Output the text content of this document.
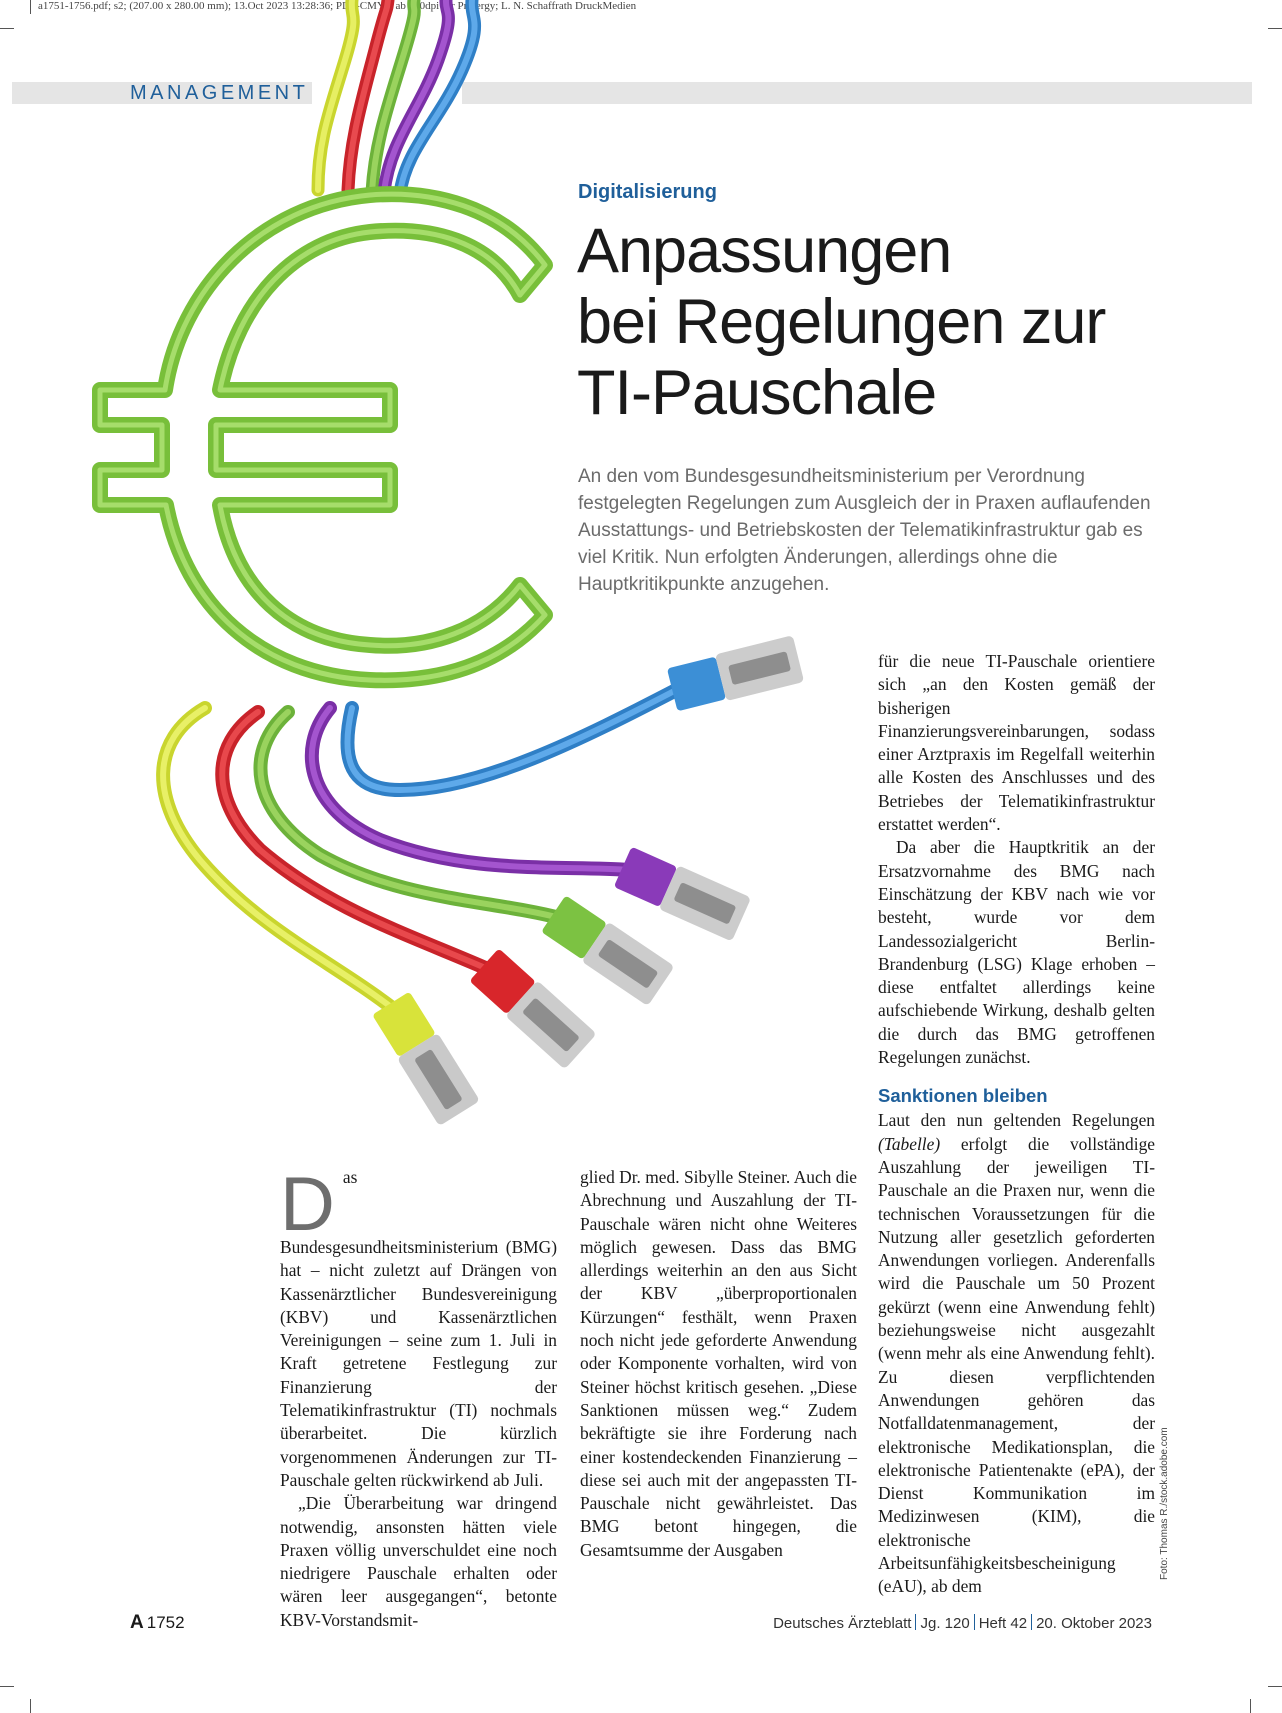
a1751-1756.pdf; s2; (207.00 x 280.00 mm); 13.Oct 2023 13:28:36; PDF-CMYK ab 150dpi für Prinergy; L. N. Schaffrath DruckMedien
MANAGEMENT
Digitalisierung
Anpassungen
bei Regelungen zur
TI-Pauschale
An den vom Bundesgesundheitsministerium per Verordnung festgelegten Regelungen zum Ausgleich der in Praxen auflaufenden Ausstattungs- und Betriebskosten der Telematikinfrastruktur gab es viel Kritik. Nun erfolgten Änderungen, allerdings ohne die Hauptkritikpunkte anzugehen.

Das Bundesgesundheitsministerium (BMG) hat – nicht zuletzt auf Drängen von Kassenärztlicher Bundesvereinigung (KBV) und Kassenärztlichen Vereinigungen – seine zum 1. Juli in Kraft getretene Festlegung zur Finanzierung der Telematikinfrastruktur (TI) nochmals überarbeitet. Die kürzlich vorgenommenen Änderungen zur TI-Pauschale gelten rückwirkend ab Juli.

„Die Überarbeitung war dringend notwendig, ansonsten hätten viele Praxen völlig unverschuldet eine noch niedrigere Pauschale erhalten oder wären leer ausgegangen“, betonte KBV-Vorstandsmit-

glied Dr. med. Sibylle Steiner. Auch die Abrechnung und Auszahlung der TI-Pauschale wären nicht ohne Weiteres möglich gewesen. Dass das BMG allerdings weiterhin an den aus Sicht der KBV „überproportionalen Kürzungen“ festhält, wenn Praxen noch nicht jede geforderte Anwendung oder Komponente vorhalten, wird von Steiner höchst kritisch gesehen. „Diese Sanktionen müssen weg.“ Zudem bekräftigte sie ihre Forderung nach einer kostendeckenden Finanzierung – diese sei auch mit der angepassten TI-Pauschale nicht gewährleistet. Das BMG betont hingegen, die Gesamtsumme der Ausgaben

für die neue TI-Pauschale orientiere sich „an den Kosten gemäß der bisherigen Finanzierungsvereinbarungen, sodass einer Arztpraxis im Regelfall weiterhin alle Kosten des Anschlusses und des Betriebes der Telematikinfrastruktur erstattet werden“.

Da aber die Hauptkritik an der Ersatzvornahme des BMG nach Einschätzung der KBV nach wie vor besteht, wurde vor dem Landessozialgericht Berlin-Brandenburg (LSG) Klage erhoben – diese entfaltet allerdings keine aufschiebende Wirkung, deshalb gelten die durch das BMG getroffenen Regelungen zunächst.

Sanktionen bleiben

Laut den nun geltenden Regelungen (Tabelle) erfolgt die vollständige Auszahlung der jeweiligen TI-Pauschale an die Praxen nur, wenn die technischen Voraussetzungen für die Nutzung aller gesetzlich geforderten Anwendungen vorliegen. Anderenfalls wird die Pauschale um 50 Prozent gekürzt (wenn eine Anwendung fehlt) beziehungsweise nicht ausgezahlt (wenn mehr als eine Anwendung fehlt). Zu diesen verpflichtenden Anwendungen gehören das Notfalldatenmanagement, der elektronische Medikationsplan, die elektronische Patientenakte (ePA), der Dienst Kommunikation im Medizinwesen (KIM), die elektronische Arbeitsunfähigkeitsbescheinigung (eAU), ab dem

Foto: Thomas R./stock.adobe.com
A 1752	Deutsches Ärzteblatt Jg. 120 Heft 42 20. Oktober 2023
